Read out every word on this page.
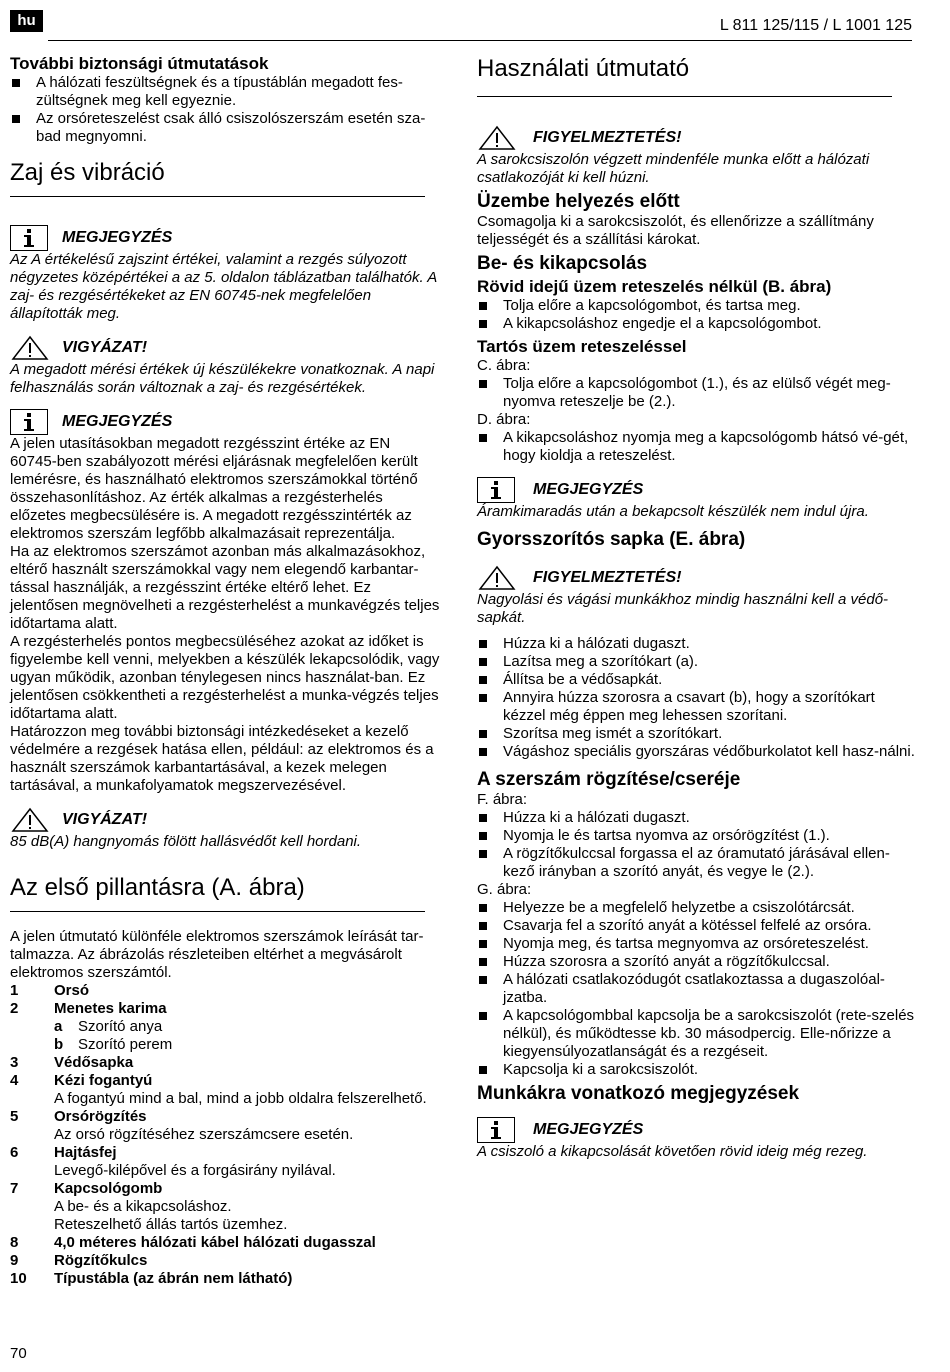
hu	L 811 125/115 / L 1001 125

További biztonsági útmutatások

A hálózati feszültségnek és a típustáblán megadott fes-zültségnek meg kell egyeznie.
Az orsóreteszelést csak álló csiszolószerszám esetén sza-bad megnyomni.

Zaj és vibráció

MEGJEGYZÉS

Az A értékelésű zajszint értékei, valamint a rezgés súlyozott négyzetes középértékei a az 5. oldalon táblázatban találhatók. A zaj- és rezgésértékeket az EN 60745-nek megfelelően állapították meg.

VIGYÁZAT!

A megadott mérési értékek új készülékekre vonatkoznak. A napi felhasználás során változnak a zaj- és rezgésértékek.

MEGJEGYZÉS

A jelen utasításokban megadott rezgésszint értéke az EN 60745-ben szabályozott mérési eljárásnak megfelelően került lemérésre, és használható elektromos szerszámokkal történő összehasonlításhoz. Az érték alkalmas a rezgésterhelés előzetes megbecsülésére is. A megadott rezgésszintérték az elektromos szerszám legfőbb alkalmazásait reprezentálja.

Ha az elektromos szerszámot azonban más alkalmazásokhoz, eltérő használt szerszámokkal vagy nem elegendő karbantar-tással használják, a rezgésszint értéke eltérő lehet. Ez jelentősen megnövelheti a rezgésterhelést a munkavégzés teljes időtartama alatt.

A rezgésterhelés pontos megbecsüléséhez azokat az időket is figyelembe kell venni, melyekben a készülék lekapcsolódik, vagy ugyan működik, azonban ténylegesen nincs használat-ban. Ez jelentősen csökkentheti a rezgésterhelést a munka-végzés teljes időtartama alatt.

Határozzon meg további biztonsági intézkedéseket a kezelő védelmére a rezgések hatása ellen, például: az elektromos és a használt szerszámok karbantartásával, a kezek melegen tartásával, a munkafolyamatok megszervezésével.

VIGYÁZAT!

85 dB(A) hangnyomás fölött hallásvédőt kell hordani.

Az első pillantásra (A. ábra)

A jelen útmutató különféle elektromos szerszámok leírását tar-talmazza. Az ábrázolás részleteiben eltérhet a megvásárolt elektromos szerszámtól.

1	Orsó
2	Menetes karima
a Szorító anya
b Szorító perem
3	Védősapka
4	Kézi fogantyú
A fogantyú mind a bal, mind a jobb oldalra felszerelhető.
5	Orsórögzítés
Az orsó rögzítéséhez szerszámcsere esetén.
6	Hajtásfej
Levegő-kilépővel és a forgásirány nyilával.
7	Kapcsológomb
A be- és a kikapcsoláshoz.
Reteszelhető állás tartós üzemhez.
8	4,0 méteres hálózati kábel hálózati dugasszal
9	Rögzítőkulcs
10	Típustábla (az ábrán nem látható)

Használati útmutató

FIGYELMEZTETÉS!

A sarokcsiszolón végzett mindenféle munka előtt a hálózati csatlakozóját ki kell húzni.

Üzembe helyezés előtt

Csomagolja ki a sarokcsiszolót, és ellenőrizze a szállítmány teljességét és a szállítási károkat.

Be- és kikapcsolás

Rövid idejű üzem reteszelés nélkül (B. ábra)

Tolja előre a kapcsológombot, és tartsa meg.
A kikapcsoláshoz engedje el a kapcsológombot.

Tartós üzem reteszeléssel

C. ábra:

Tolja előre a kapcsológombot (1.), és az elülső végét meg-nyomva reteszelje be (2.).

D. ábra:

A kikapcsoláshoz nyomja meg a kapcsológomb hátsó vé-gét, hogy kioldja a reteszelést.
MEGJEGYZÉS

Áramkimaradás után a bekapcsolt készülék nem indul újra.

Gyorsszorítós sapka (E. ábra)

FIGYELMEZTETÉS!

Nagyolási és vágási munkákhoz mindig használni kell a védő-sapkát.

Húzza ki a hálózati dugaszt.
Lazítsa meg a szorítókart (a).
Állítsa be a védősapkát.
Annyira húzza szorosra a csavart (b), hogy a szorítókart kézzel még éppen meg lehessen szorítani.
Szorítsa meg ismét a szorítókart.
Vágáshoz speciális gyorszáras védőburkolatot kell hasz-nálni.

A szerszám rögzítése/cseréje

F. ábra:

Húzza ki a hálózati dugaszt.
Nyomja le és tartsa nyomva az orsórögzítést (1.).
A rögzítőkulccsal forgassa el az óramutató járásával ellen-kező irányban a szorító anyát, és vegye le (2.).

G. ábra:

Helyezze be a megfelelő helyzetbe a csiszolótárcsát.
Csavarja fel a szorító anyát a kötéssel felfelé az orsóra.
Nyomja meg, és tartsa megnyomva az orsóreteszelést.
Húzza szorosra a szorító anyát a rögzítőkulccsal.
A hálózati csatlakozódugót csatlakoztassa a dugaszolóal-jzatba.
A kapcsológombbal kapcsolja be a sarokcsiszolót (rete-szelés nélkül), és működtesse kb. 30 másodpercig. Elle-nőrizze a kiegyensúlyozatlanságát és a rezgéseit.
Kapcsolja ki a sarokcsiszolót.

Munkákra vonatkozó megjegyzések

MEGJEGYZÉS

A csiszoló a kikapcsolását követően rövid ideig még rezeg.

70
